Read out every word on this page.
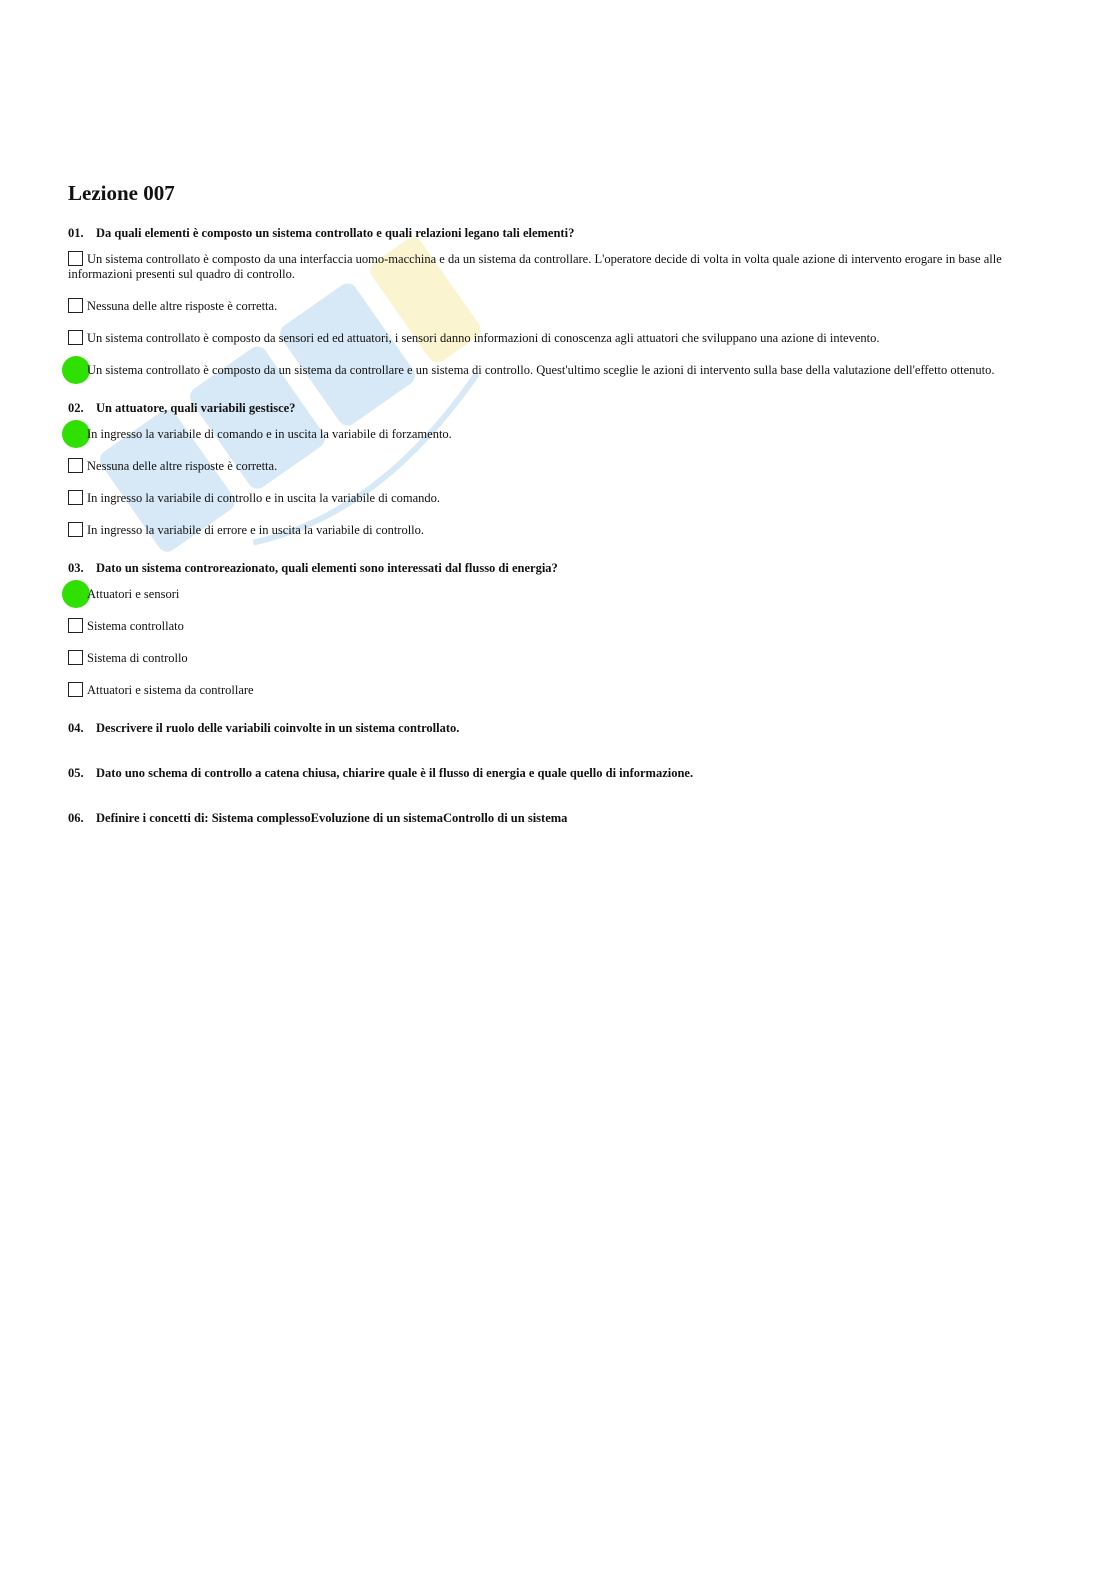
Lezione 007

01. Da quali elementi è composto un sistema controllato e quali relazioni legano tali elementi?

Un sistema controllato è composto da una interfaccia uomo-macchina e da un sistema da controllare. L'operatore decide di volta in volta quale azione di intervento erogare in base alle informazioni presenti sul quadro di controllo.
Nessuna delle altre risposte è corretta.
Un sistema controllato è composto da sensori ed ed attuatori, i sensori danno informazioni di conoscenza agli attuatori che sviluppano una azione di intevento.
Un sistema controllato è composto da un sistema da controllare e un sistema di controllo. Quest'ultimo sceglie le azioni di intervento sulla base della valutazione dell'effetto ottenuto.

02. Un attuatore, quali variabili gestisce?

In ingresso la variabile di comando e in uscita la variabile di forzamento.
Nessuna delle altre risposte è corretta.
In ingresso la variabile di controllo e in uscita la variabile di comando.
In ingresso la variabile di errore e in uscita la variabile di controllo.

03. Dato un sistema controreazionato, quali elementi sono interessati dal flusso di energia?

Attuatori e sensori
Sistema controllato
Sistema di controllo
Attuatori e sistema da controllare

04. Descrivere il ruolo delle variabili coinvolte in un sistema controllato.

05. Dato uno schema di controllo a catena chiusa, chiarire quale è il flusso di energia e quale quello di informazione.

06. Definire i concetti di: Sistema complessoEvoluzione di un sistemaControllo di un sistema
